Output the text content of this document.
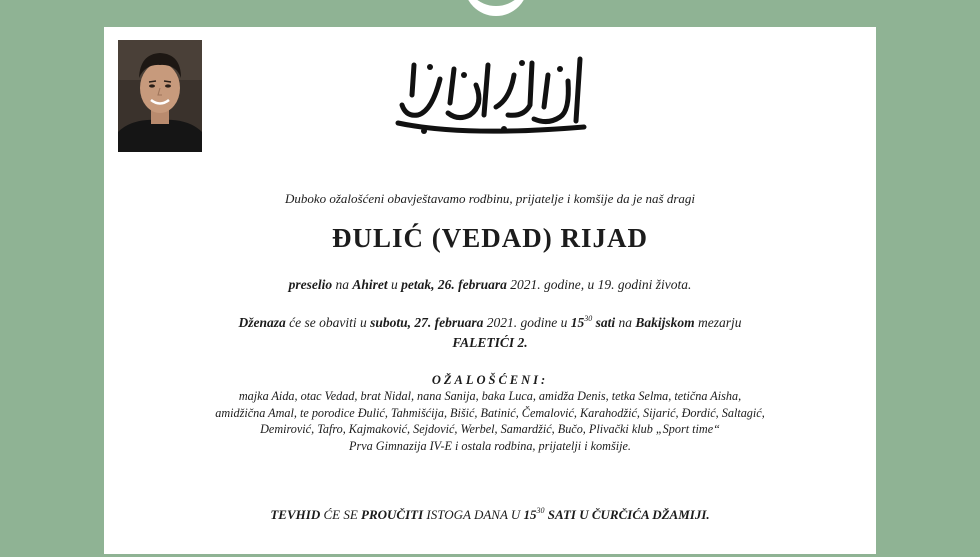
Duboko ožalošćeni obavještavamo rodbinu, prijatelje i komšije da je naš dragi
ĐULIĆ (VEDAD) RIJAD
preselio na Ahiret u petak, 26. februara 2021. godine, u 19. godini života.
Dženaza će se obaviti u subotu, 27. februara 2021. godine u $15^{30}$ sati na Bakijskom mezarju
FALETIĆI 2.
OŽALOŠĆENI:
majka Aida, otac Vedad, brat Nidal, nana Sanija, baka Luca, amidža Denis, tetka Selma, tetična Aisha,
amidžična Amal, te porodice Đulić, Tahmišćija, Bišić, Batinić, Čemalović, Karahodžić, Sijarić, Đordić, Saltagić,
Demirović, Tafro, Kajmaković, Sejdović, Werbel, Samardžić, Bučo, Plivački klub „Sport time“
Prva Gimnazija IV-E i ostala rodbina, prijatelji i komšije.
TEVHID ĆE SE PROUČITI ISTOGA DANA U $15^{30}$ SATI U ČURČIĆA DŽAMIJI.
